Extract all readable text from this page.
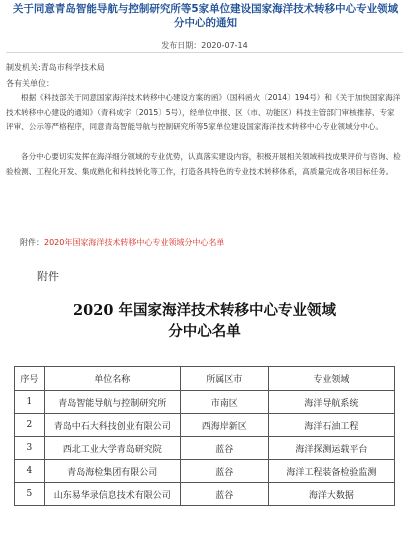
关于同意青岛智能导航与控制研究所等5家单位建设国家海洋技术转移中心专业领域分中心的通知
发布日期：2020-07-14
制发机关:青岛市科学技术局
各有关单位：
根据《科技部关于同意国家海洋技术转移中心建设方案的函》（国科函火〔2014〕194号）和《关于加快国家海洋技术转移中心建设的通知》（青科成字〔2015〕5号），经单位申报、区（市、功能区）科技主管部门审核推荐、专家评审、公示等严格程序，同意青岛智能导航与控制研究所等5家单位建设国家海洋技术转移中心专业领域分中心。
各分中心要切实发挥在海洋细分领域的专业优势，认真落实建设内容，积极开展相关领域科技成果评价与咨询、检验检测、工程化开发、集成熟化和科技转化等工作，打造各具特色的专业技术转移体系，高质量完成各项目标任务。
附件：2020年国家海洋技术转移中心专业领域分中心名单
附件
2020 年国家海洋技术转移中心专业领域
分中心名单
序号	单位名称	所属区市	专业领域
1	青岛智能导航与控制研究所	市南区	海洋导航系统
2	青岛中石大科技创业有限公司	西海岸新区	海洋石油工程
3	西北工业大学青岛研究院	蓝谷	海洋探测运载平台
4	青岛海检集团有限公司	蓝谷	海洋工程装备检验监测
5	山东易华录信息技术有限公司	蓝谷	海洋大数据
